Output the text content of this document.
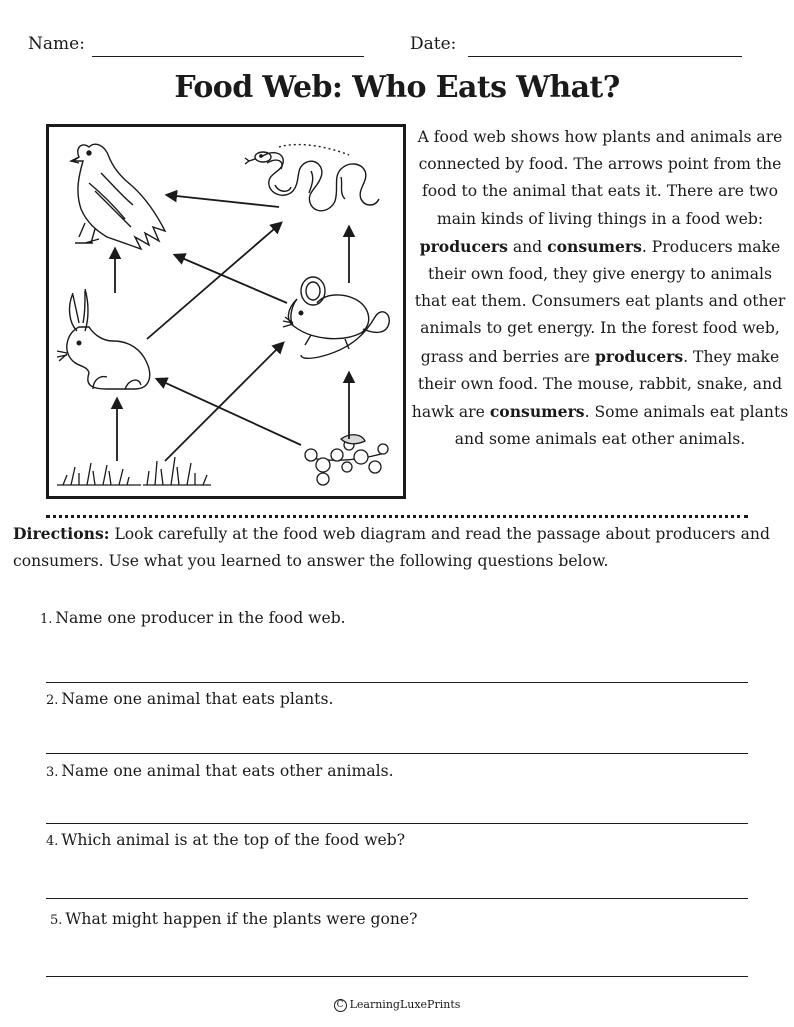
Name:	Date:
Food Web: Who Eats What?

A food web shows how plants and animals are connected by food. The arrows point from the food to the animal that eats it. There are two main kinds of living things in a food web: producers and consumers. Producers make their own food, they give energy to animals that eat them. Consumers eat plants and other animals to get energy. In the forest food web, grass and berries are producers. They make their own food. The mouse, rabbit, snake, and hawk are consumers. Some animals eat plants and some animals eat other animals.

Directions: Look carefully at the food web diagram and read the passage about producers and consumers. Use what you learned to answer the following questions below.

1. Name one producer in the food web.
2. Name one animal that eats plants.
3. Name one animal that eats other animals.
4. Which animal is at the top of the food web?
5. What might happen if the plants were gone?
C LearningLuxePrints
